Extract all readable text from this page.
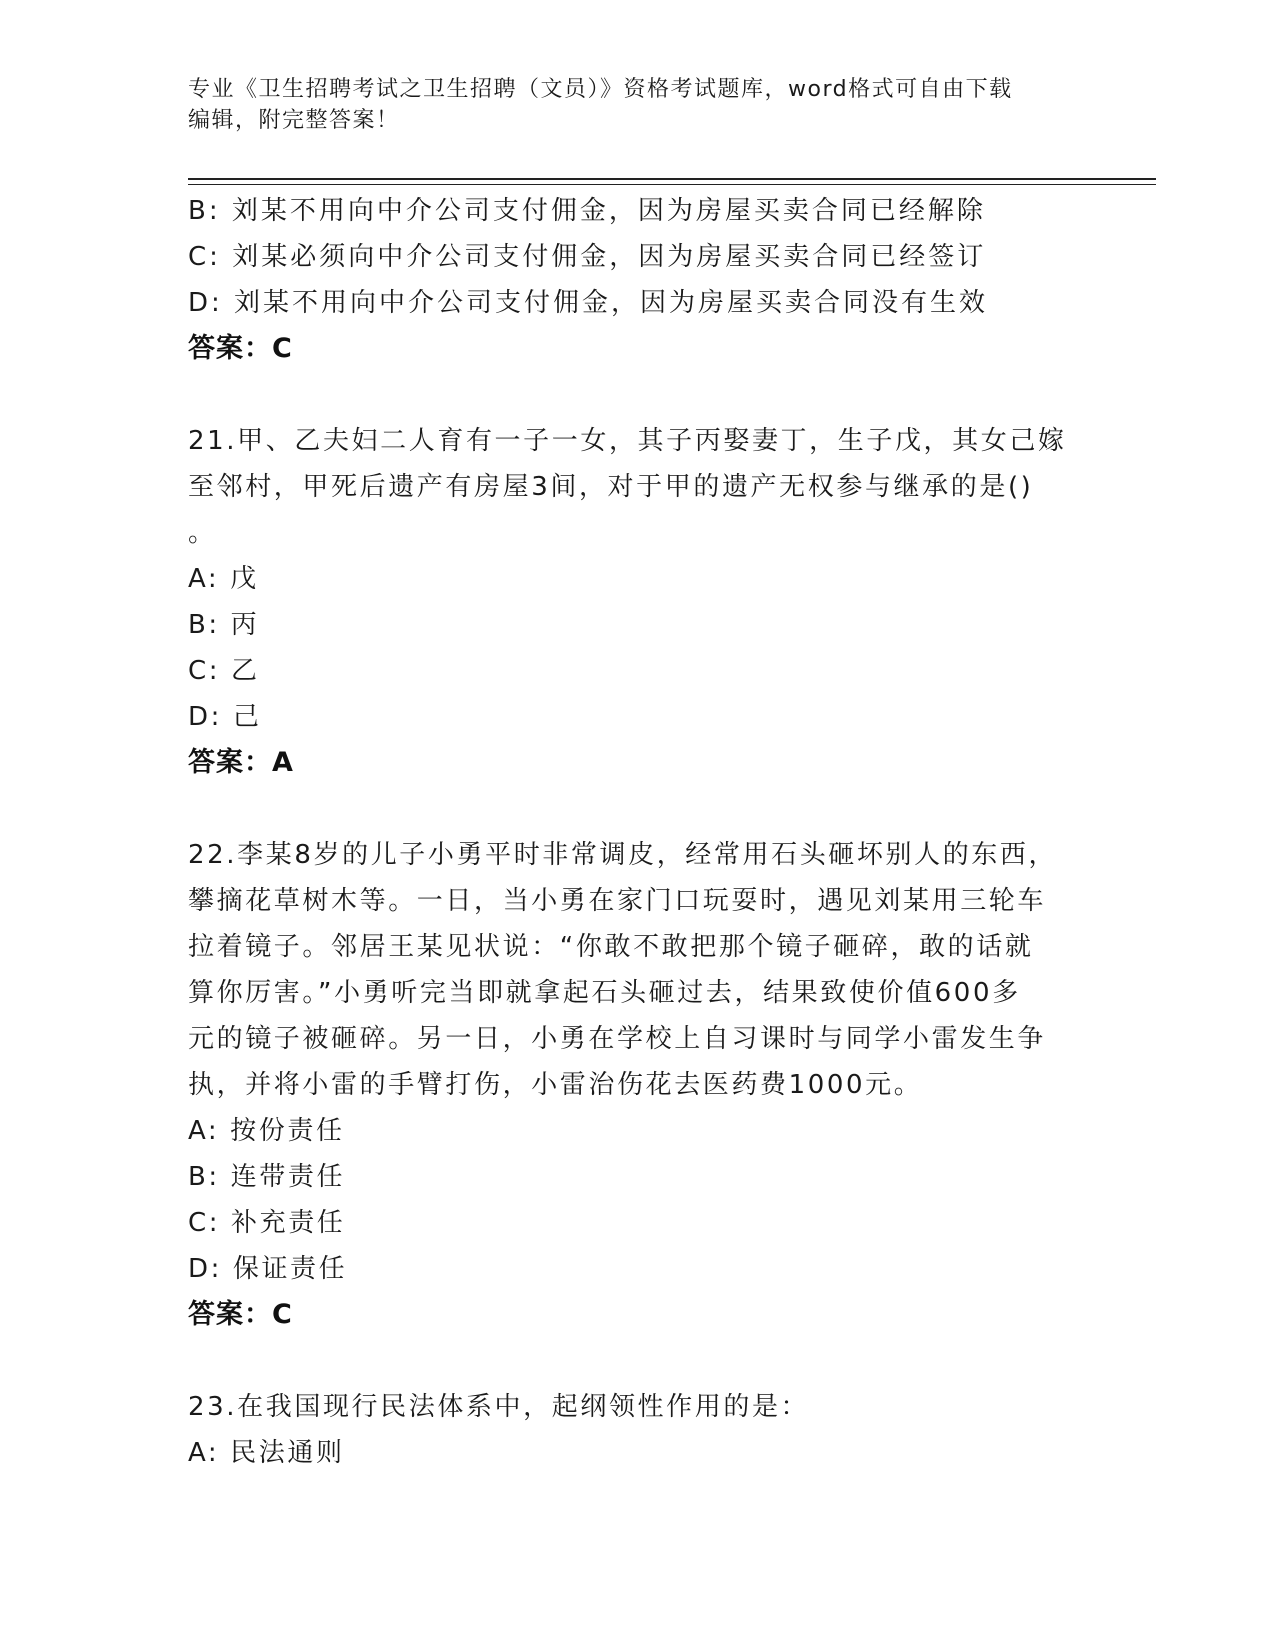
专业《卫生招聘考试之卫生招聘（文员）》资格考试题库，word格式可自由下载
编辑，附完整答案！
B: 刘某不用向中介公司支付佣金，因为房屋买卖合同已经解除
C: 刘某必须向中介公司支付佣金，因为房屋买卖合同已经签订
D: 刘某不用向中介公司支付佣金，因为房屋买卖合同没有生效
答案：C
21.甲、乙夫妇二人育有一子一女，其子丙娶妻丁，生子戊，其女己嫁
至邻村，甲死后遗产有房屋3间，对于甲的遗产无权参与继承的是()
。
A: 戊
B: 丙
C: 乙
D: 己
答案：A
22.李某8岁的儿子小勇平时非常调皮，经常用石头砸坏别人的东西，
攀摘花草树木等。一日，当小勇在家门口玩耍时，遇见刘某用三轮车
拉着镜子。邻居王某见状说：“你敢不敢把那个镜子砸碎，敢的话就
算你厉害。”小勇听完当即就拿起石头砸过去，结果致使价值600多
元的镜子被砸碎。另一日，小勇在学校上自习课时与同学小雷发生争
执，并将小雷的手臂打伤，小雷治伤花去医药费1000元。
A: 按份责任
B: 连带责任
C: 补充责任
D: 保证责任
答案：C
23.在我国现行民法体系中，起纲领性作用的是：
A: 民法通则
